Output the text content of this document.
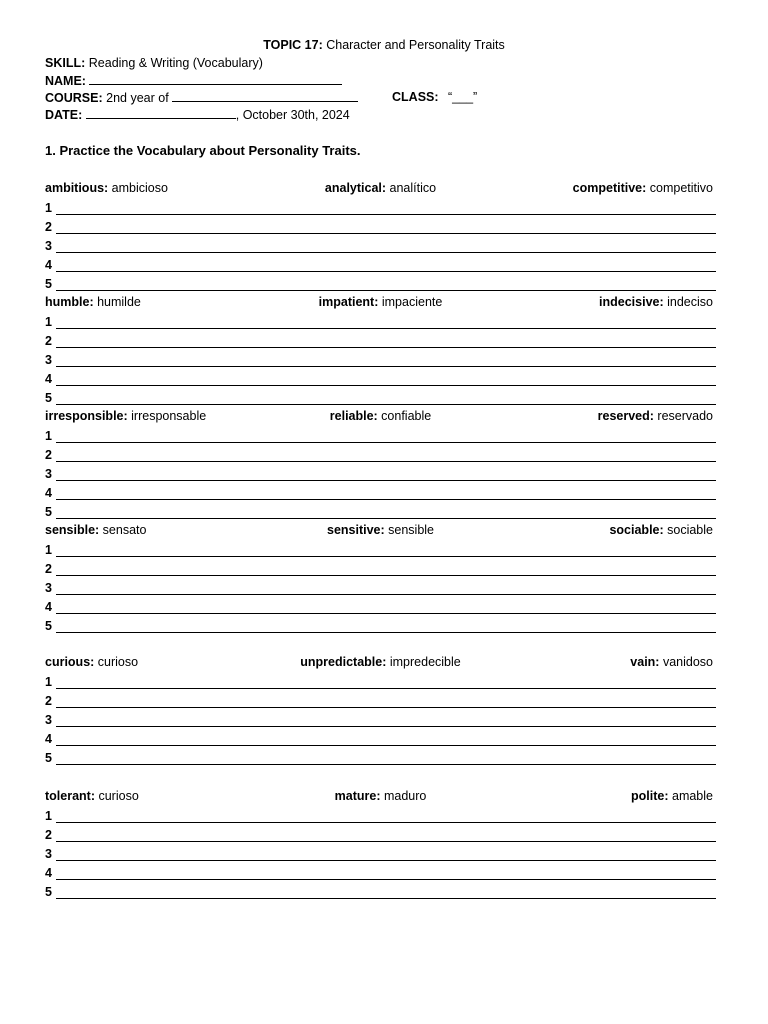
TOPIC 17: Character and Personality Traits
SKILL: Reading & Writing (Vocabulary)
NAME:
COURSE: 2nd year of	CLASS: “___”
DATE:	, October 30th, 2024
1. Practice the Vocabulary about Personality Traits.
ambitious: ambicioso	analytical: analítico	competitive: competitivo
1
2
3
4
5
humble: humilde	impatient: impaciente	indecisive: indeciso
1
2
3
4
5
irresponsible: irresponsable	reliable: confiable	reserved: reservado
1
2
3
4
5
sensible: sensato	sensitive: sensible	sociable: sociable
1
2
3
4
5
curious: curioso	unpredictable: impredecible	vain: vanidoso
1
2
3
4
5
tolerant: curioso	mature: maduro	polite: amable
1
2
3
4
5
